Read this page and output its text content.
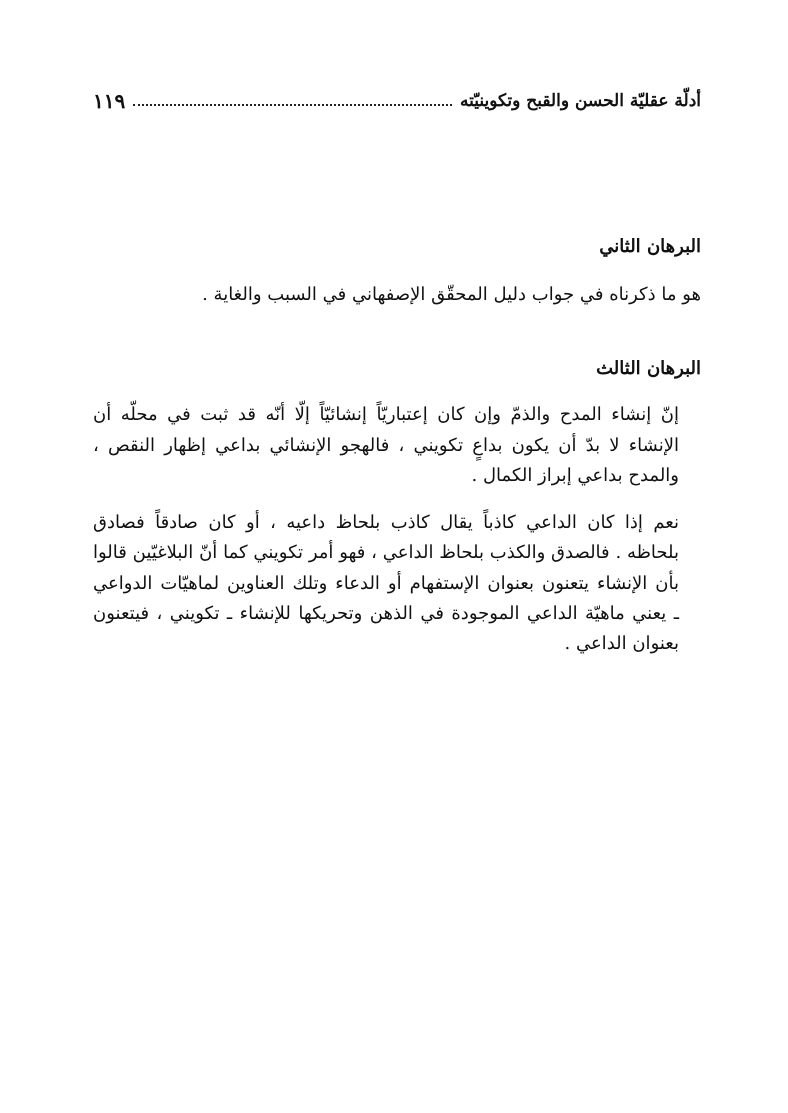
أدلّة عقليّة الحسن والقبح وتكوينيّته
١١٩
البرهان الثاني

هو ما ذكرناه في جواب دليل المحقّق الإصفهاني في السبب والغاية .

البرهان الثالث

إنّ إنشاء المدح والذمّ وإن كان إعتباريّاً إنشائيّاً إلّا أنّه قد ثبت في محلّه أن
الإنشاء لا بدّ أن يكون بداعٍ تكويني ، فالهجو الإنشائي بداعي إظهار النقص ،
والمدح بداعي إبراز الكمال .

نعم إذا كان الداعي كاذباً يقال كاذب بلحاظ داعيه ، أو كان صادقاً فصادق
بلحاظه . فالصدق والكذب بلحاظ الداعي ، فهو أمر تكويني كما أنّ البلاغيّين قالوا
بأن الإنشاء يتعنون بعنوان الإستفهام أو الدعاء وتلك العناوين لماهيّات الدواعي
ـ يعني ماهيّة الداعي الموجودة في الذهن وتحريكها للإنشاء ـ تكويني ، فيتعنون
بعنوان الداعي .
